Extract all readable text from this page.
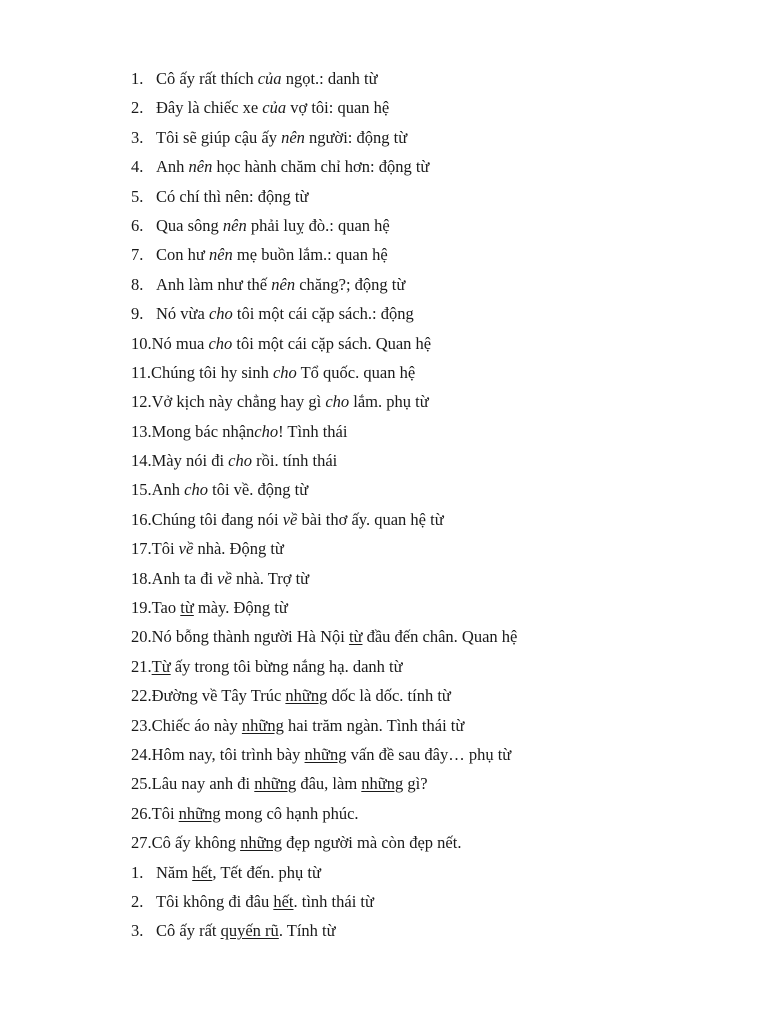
1. Cô ấy rất thích của ngọt.: danh từ
2. Đây là chiếc xe của vợ tôi: quan hệ
3. Tôi sẽ giúp cậu ấy nên người: động từ
4. Anh nên học hành chăm chỉ hơn: động từ
5. Có chí thì nên: động từ
6. Qua sông nên phải luỵ đò.: quan hệ
7. Con hư nên mẹ buồn lắm.: quan hệ
8. Anh làm như thế nên chăng?; động từ
9. Nó vừa cho tôi một cái cặp sách.: động
10. Nó mua cho tôi một cái cặp sách. Quan hệ
11. Chúng tôi hy sinh cho Tổ quốc. quan hệ
12. Vở kịch này chẳng hay gì cho lắm. phụ từ
13. Mong bác nhậncho! Tình thái
14. Mày nói đi cho rồi. tính thái
15. Anh cho tôi về. động từ
16. Chúng tôi đang nói về bài thơ ấy. quan hệ từ
17. Tôi về nhà. Động từ
18. Anh ta đi về nhà. Trợ từ
19. Tao từ mày. Động từ
20. Nó bỗng thành người Hà Nội từ đầu đến chân. Quan hệ
21. Từ ấy trong tôi bừng nắng hạ. danh từ
22. Đường về Tây Trúc những dốc là dốc. tính từ
23. Chiếc áo này những hai trăm ngàn. Tình thái từ
24. Hôm nay, tôi trình bày những vấn đề sau đây… phụ từ
25. Lâu nay anh đi những đâu, làm những gì?
26. Tôi những mong cô hạnh phúc.
27. Cô ấy không những đẹp người mà còn đẹp nết.
1. Năm hết, Tết đến. phụ từ
2. Tôi không đi đâu hết. tình thái từ
3. Cô ấy rất quyến rũ. Tính từ
